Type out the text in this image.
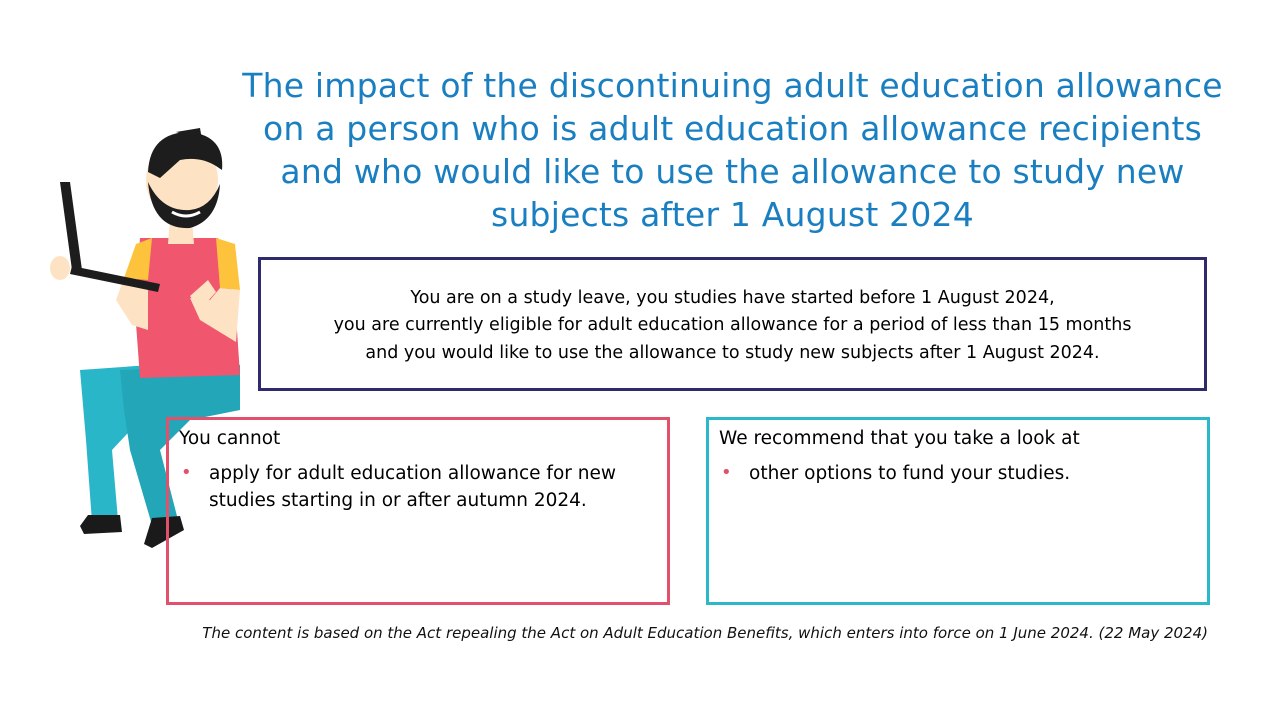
The impact of the discontinuing adult education allowance on a person who is adult education allowance recipients and who would like to use the allowance to study new subjects after 1 August 2024
You are on a study leave, you studies have started before 1 August 2024,
you are currently eligible for adult education allowance for a period of less than 15 months
and you would like to use the allowance to study new subjects after 1 August 2024.
You cannot
• apply for adult education allowance for new studies starting in or after autumn 2024.
We recommend that you take a look at
• other options to fund your studies.
The content is based on the Act repealing the Act on Adult Education Benefits, which enters into force on 1 June 2024. (22 May 2024)
